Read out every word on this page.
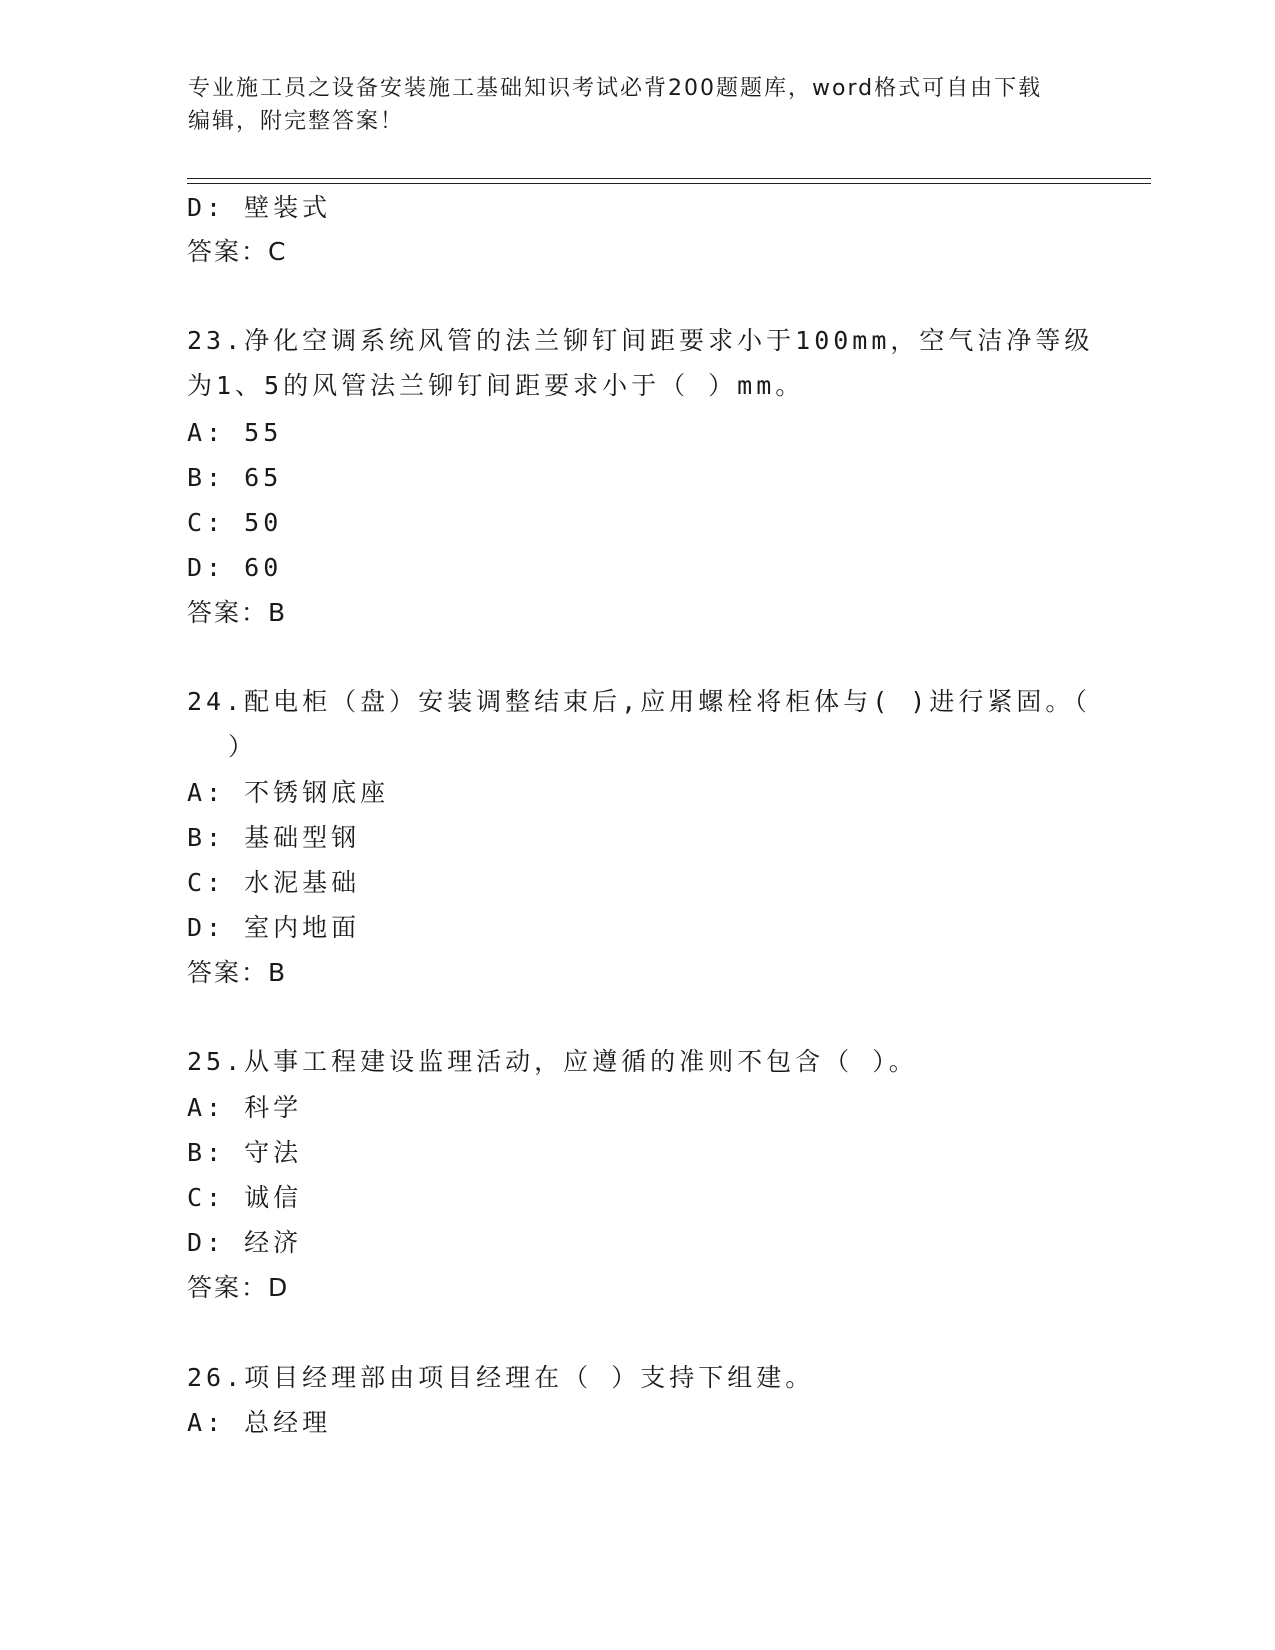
专业施工员之设备安装施工基础知识考试必背200题题库，word格式可自由下载
编辑，附完整答案！
D: 壁装式
答案：C
23.净化空调系统风管的法兰铆钉间距要求小于100mm，空气洁净等级
为1、5的风管法兰铆钉间距要求小于（ ）mm。
A: 55
B: 65
C: 50
D: 60
答案：B
24.配电柜（盘）安装调整结束后,应用螺栓将柜体与( )进行紧固。（
）
A: 不锈钢底座
B: 基础型钢
C: 水泥基础
D: 室内地面
答案：B
25.从事工程建设监理活动，应遵循的准则不包含（ ）。
A: 科学
B: 守法
C: 诚信
D: 经济
答案：D
26.项目经理部由项目经理在（ ）支持下组建。
A: 总经理
